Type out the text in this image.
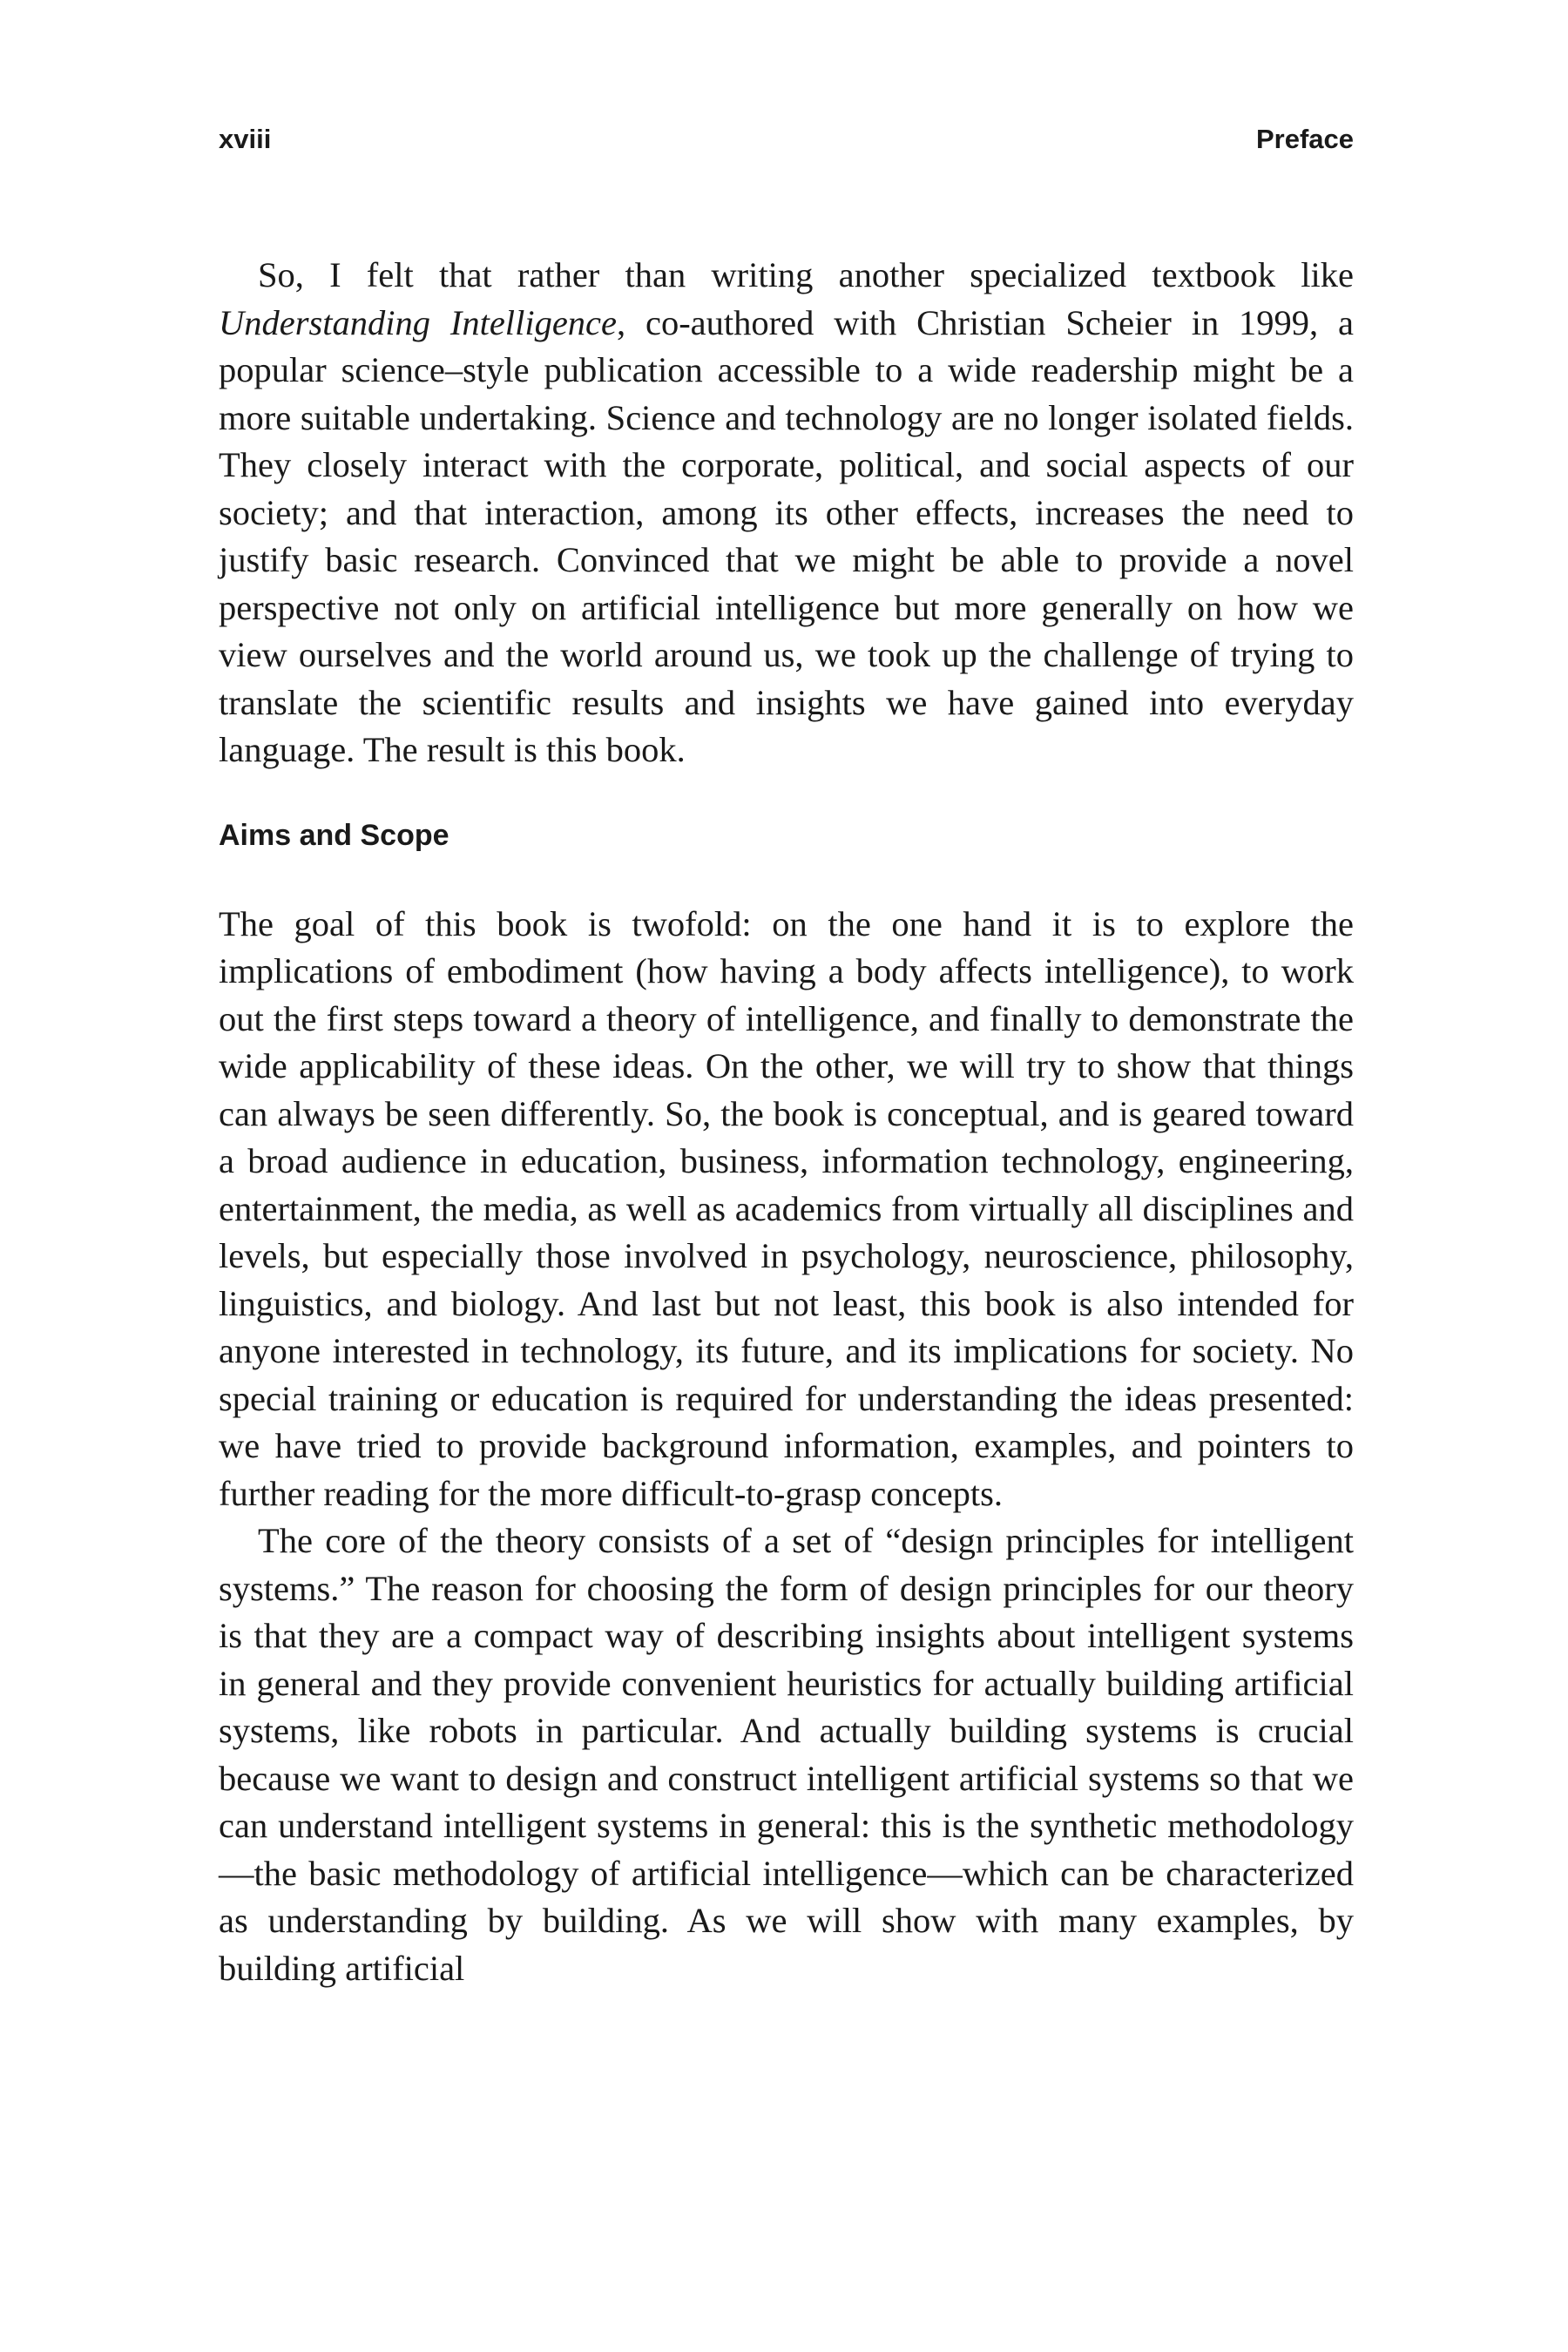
xviii	Preface

So, I felt that rather than writing another specialized textbook like Understanding Intelligence, co-authored with Christian Scheier in 1999, a popular science–style publication accessible to a wide readership might be a more suitable undertaking. Science and technology are no longer isolated fields. They closely interact with the corporate, political, and social aspects of our society; and that interaction, among its other effects, increases the need to justify basic research. Convinced that we might be able to provide a novel perspective not only on artificial intelligence but more generally on how we view ourselves and the world around us, we took up the challenge of trying to translate the scientific results and insights we have gained into everyday language. The result is this book.

Aims and Scope

The goal of this book is twofold: on the one hand it is to explore the implications of embodiment (how having a body affects intelligence), to work out the first steps toward a theory of intelligence, and finally to demonstrate the wide applicability of these ideas. On the other, we will try to show that things can always be seen differently. So, the book is conceptual, and is geared toward a broad audience in education, business, information technology, engineering, entertainment, the media, as well as academics from virtually all disciplines and levels, but especially those involved in psychology, neuroscience, philosophy, linguistics, and biology. And last but not least, this book is also intended for anyone interested in technology, its future, and its implications for society. No special training or education is required for understanding the ideas presented: we have tried to provide background information, examples, and pointers to further reading for the more difficult-to-grasp concepts.

The core of the theory consists of a set of “design principles for intelligent systems.” The reason for choosing the form of design principles for our theory is that they are a compact way of describing insights about intelligent systems in general and they provide convenient heuristics for actually building artificial systems, like robots in particular. And actually building systems is crucial because we want to design and construct intelligent artificial systems so that we can understand intelligent systems in general: this is the synthetic methodology—the basic methodology of artificial intelligence—which can be characterized as understanding by building. As we will show with many examples, by building artificial
